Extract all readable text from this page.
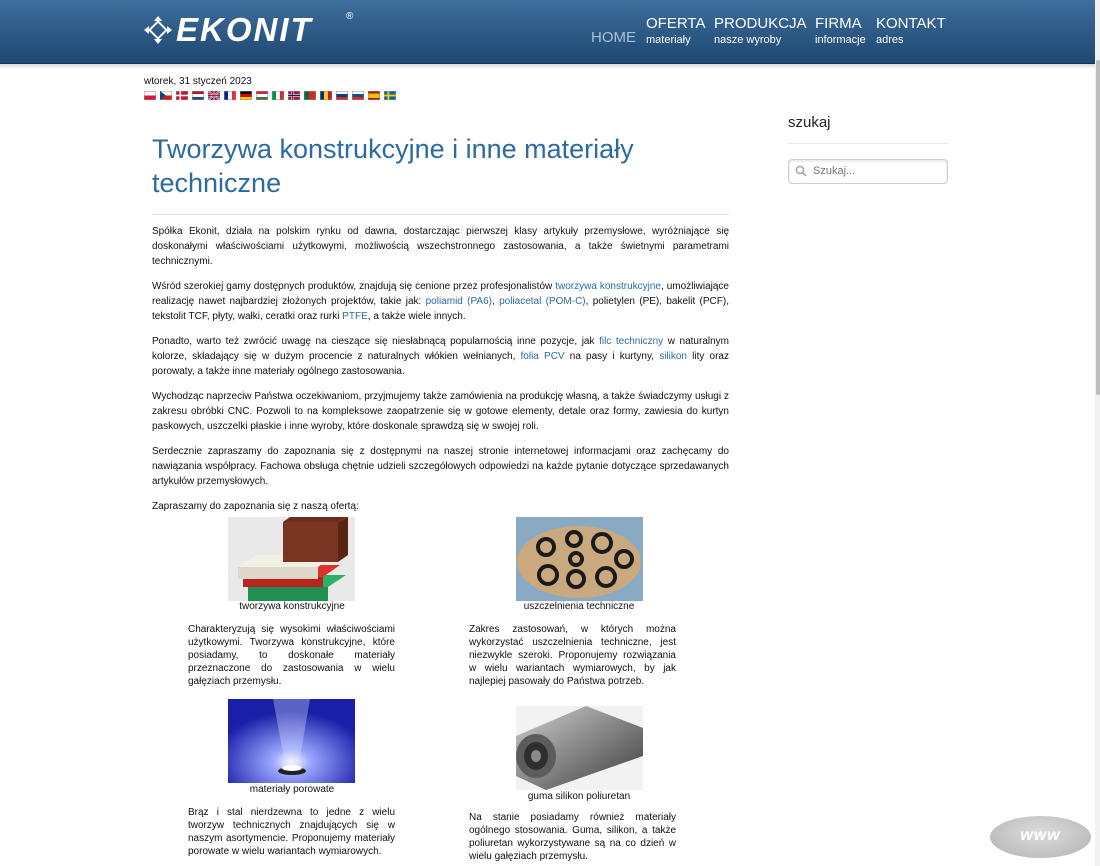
EKONIT	®
HOME
OFERTA
materiały
PRODUKCJA
nasze wyroby
FIRMA
informacje
KONTAKT
adres
wtorek, 31 styczeń 2023
Tworzywa konstrukcyjne i inne materiały techniczne

Spółka Ekonit, działa na polskim rynku od dawna, dostarczając pierwszej klasy artykuły przemysłowe, wyróżniające się doskonałymi właściwościami użytkowymi, możliwością wszechstronnego zastosowania, a także świetnymi parametrami technicznymi.

Wśród szerokiej gamy dostępnych produktów, znajdują się cenione przez profesjonalistów tworzywa konstrukcyjne, umożliwiające realizację nawet najbardziej złożonych projektów, takie jak: poliamid (PA6), poliacetal (POM-C), polietylen (PE), bakelit (PCF), tekstolit TCF, płyty, wałki, ceratki oraz rurki PTFE, a także wiele innych.

Ponadto, warto też zwrócić uwagę na cieszące się niesłabnącą popularnością inne pozycje, jak filc techniczny w naturalnym kolorze, składający się w dużym procencie z naturalnych włókien wełnianych, folia PCV na pasy i kurtyny, silikon lity oraz porowaty, a także inne materiały ogólnego zastosowania.

Wychodząc naprzeciw Państwa oczekiwaniom, przyjmujemy także zamówienia na produkcję własną, a także świadczymy usługi z zakresu obróbki CNC. Pozwoli to na kompleksowe zaopatrzenie się w gotowe elementy, detale oraz formy, zawiesia do kurtyn paskowych, uszczelki płaskie i inne wyroby, które doskonale sprawdzą się w swojej roli.

Serdecznie zapraszamy do zapoznania się z dostępnymi na naszej stronie internetowej informacjami oraz zachęcamy do nawiązania współpracy. Fachowa obsługa chętnie udzieli szczegółowych odpowiedzi na każde pytanie dotyczące sprzedawanych artykułów przemysłowych.

Zapraszamy do zapoznania się z naszą ofertą:

tworzywa konstrukcyjne
Charakteryzują się wysokimi właściwościami użytkowymi. Tworzywa konstrukcyjne, które posiadamy, to doskonałe materiały przeznaczone do zastosowania w wielu gałęziach przemysłu.
uszczelnienia techniczne
Zakres zastosowań, w których można wykorzystać uszczelnienia techniczne, jest niezwykle szeroki. Proponujemy rozwiązania w wielu wariantach wymiarowych, by jak najlepiej pasowały do Państwa potrzeb.
materiały porowate
Brąz i stal nierdzewna to jedne z wielu tworzyw technicznych znajdujących się w naszym asortymencie. Proponujemy materiały porowate w wielu wariantach wymiarowych.
guma silikon poliuretan
Na stanie posiadamy również materiały ogólnego stosowania. Guma, silikon, a także poliuretan wykorzystywane są na co dzień w wielu gałęziach przemysłu.
szukaj
Szukaj...
www
